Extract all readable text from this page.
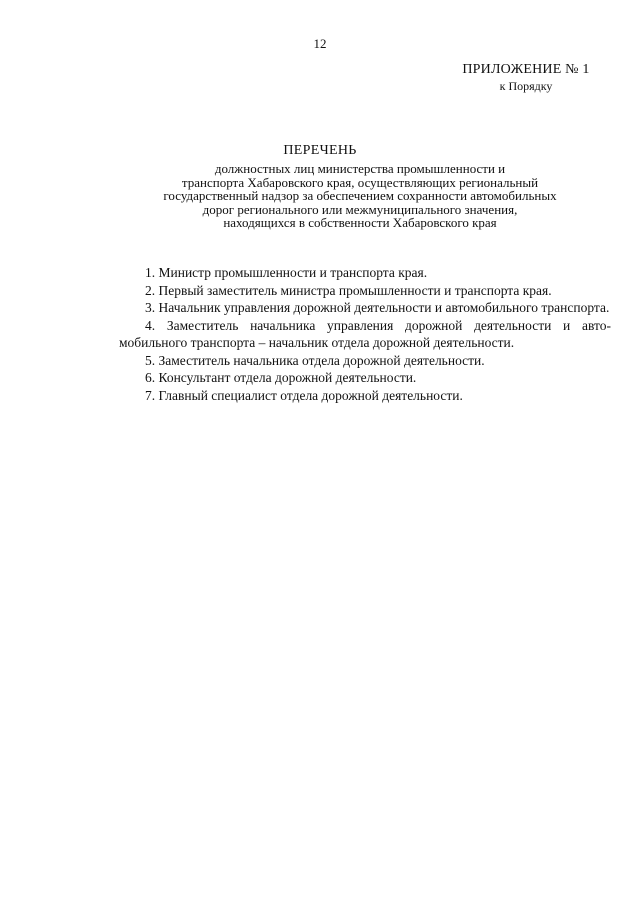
12
ПРИЛОЖЕНИЕ № 1
к Порядку
ПЕРЕЧЕНЬ
должностных лиц министерства промышленности и
транспорта Хабаровского края, осуществляющих региональный
государственный надзор за обеспечением сохранности автомобильных
дорог регионального или межмуниципального значения,
находящихся в собственности Хабаровского края

1. Министр промышленности и транспорта края.

2. Первый заместитель министра промышленности и транспорта края.

3. Начальник управления дорожной деятельности и автомобильного транспорта.

4. Заместитель начальника управления дорожной деятельности и авто-мобильного транспорта – начальник отдела дорожной деятельности.

5. Заместитель начальника отдела дорожной деятельности.

6. Консультант отдела дорожной деятельности.

7. Главный специалист отдела дорожной деятельности.
